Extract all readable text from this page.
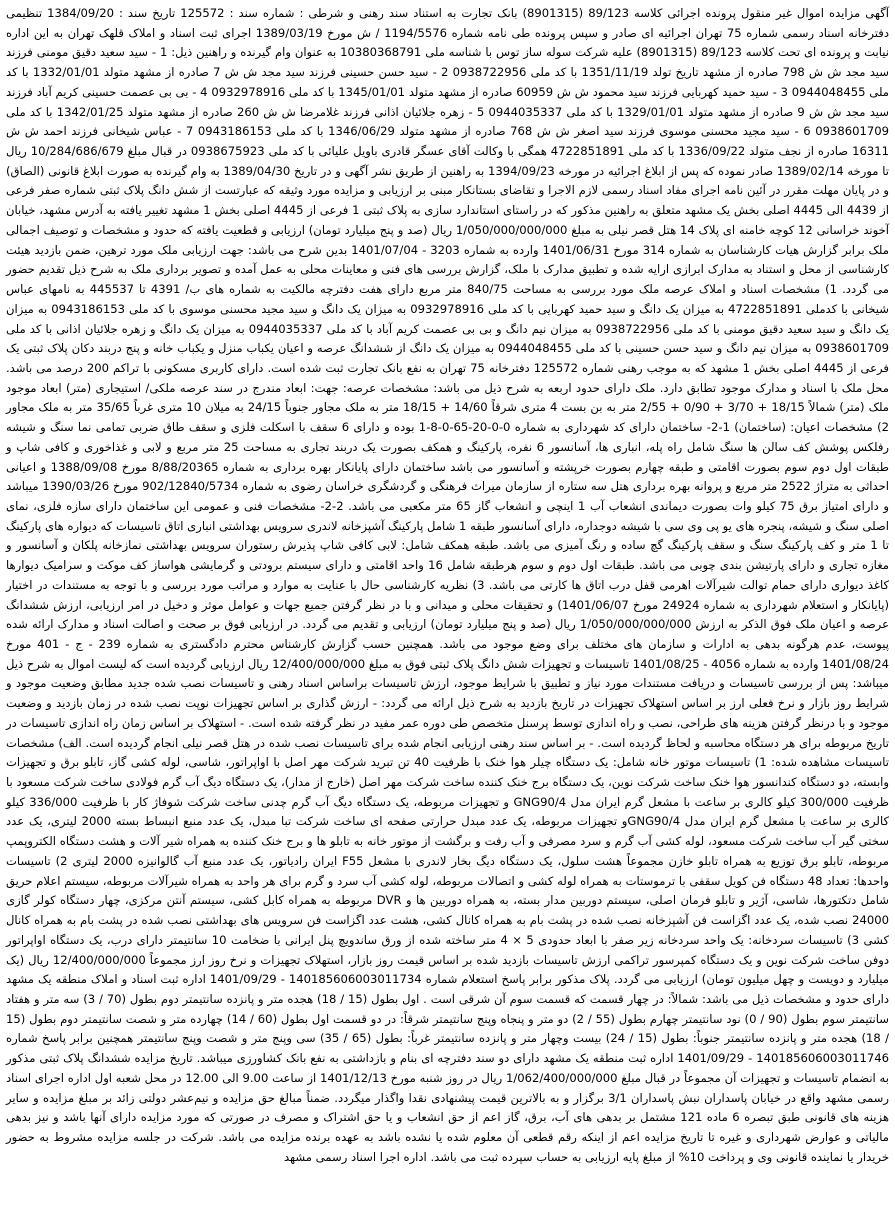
آگهی مزایده اموال غیر منقول پرونده اجرائی کلاسه 89/123 (8901315) بانک تجارت به استناد سند رهنی و شرطی : شماره سند : 125572 تاریخ سند : 1384/09/20 تنظیمی دفترخانه اسناد رسمی شماره 75 تهران اجرائیه ای صادر و سپس پرونده طی نامه شماره 1194/5576 / ش مورخ 1389/03/19 اجرای ثبت اسناد و املاک قلهک تهران به این اداره نیابت و پرونده ای تحت کلاسه 89/123 (8901315) علیه شرکت سوله ساز توس با شناسه ملی 10380368791 به عنوان وام گیرنده و راهنین ذیل: 1 - سید سعید دقیق مومنی فرزند سید مجد ش ش 798 صادره از مشهد تاریخ تولد 1351/11/19 با کد ملی 0938722956 2 - سید حسن حسینی فرزند سید مجد ش ش 7 صادره از مشهد متولد 1332/01/01 با کد ملی 0944048455 3 - سید حمید کهربایی فرزند سید محمود ش ش 60959 صادره از مشهد متولد 1345/01/01 با کد ملی 0932978916 4 - بی بی عصمت حسینی کریم آباد فرزند سید مجد ش ش 9 صادره از مشهد متولد 1329/01/01 با کد ملی 0944035337 5 - زهره جلائیان اذانی فرزند غلامرضا ش ش 260 صادره از مشهد متولد 1342/01/25 با کد ملی 0938601709 6 - سید مجید محسنی موسوی فرزند سید اصغر ش ش 768 صادره از مشهد متولد 1346/06/29 با کد ملی 0943186153 7 - عباس شیخانی فرزند احمد ش ش 16311 صادره از نجف متولد 1336/09/22 با کد ملی 4722851891 همگی با وکالت آقای عسگر قادری باویل علیائی با کد ملی 0938675923 در قبال مبلغ 10/284/686/679 ریال تا مورخه 1389/02/14 صادر نموده که پس از ابلاغ اجرائیه در مورخه 1394/09/23 به راهنین از طریق نشر آگهی و در تاریخ 1389/04/30 به وام گیرنده به صورت ابلاغ قانونی (الصاق) و در پایان مهلت مقرر در آئین نامه اجرای مفاد اسناد رسمی لازم الاجرا و تقاضای بستانکار مبنی بر ارزیابی و مزایده مورد وثیقه که عبارتست از شش دانگ پلاک ثبتی شماره صفر فرعی از 4439 الی 4445 اصلی بخش یک مشهد متعلق به راهنین مذکور که در راستای استاندارد سازی به پلاک ثبتی 1 فرعی از 4445 اصلی بخش 1 مشهد تغییر یافته به آدرس مشهد، خیابان آخوند خراسانی 12 کوچه خامنه ای پلاک 14 هتل قصر نیلی به مبلغ 1/050/000/000/000 ریال (صد و پنج میلیارد تومان) ارزیابی و قطعیت یافته که حدود و مشخصات و توصیف اجمالی ملک برابر گزارش هیات کارشناسان به شماره 314 مورخ 1401/06/31 وارده به شماره 3203 - 1401/07/04 بدین شرح می باشد: جهت ارزیابی ملک مورد ترهین، ضمن بازدید هیئت کارشناسی از محل و استناد به مدارک ابرازی ارایه شده و تطبیق مدارک با ملک، گزارش بررسی های فنی و معاینات محلی به عمل آمده و تصویر برداری ملک به شرح ذیل تقدیم حضور می گردد. 1) مشخصات اسناد و املاک عرصه ملک مورد بررسی به مساحت 840/75 متر مربع دارای هفت دفترچه مالکیت به شماره های ب/ 4391 تا 445537 به نامهای عباس شیخانی با کدملی 4722851891 به میزان یک دانگ و سید حمید کهربایی با کد ملی 0932978916 به میزان یک دانگ و سید مجید محسنی موسوی با کد ملی 0943186153 به میزان یک دانگ و سید سعید دقیق مومنی با کد ملی 0938722956 به میزان نیم دانگ و بی بی عصمت کریم آباد با کد ملی 0944035337 به میزان یک دانگ و زهره جلائیان اذانی با کد ملی 0938601709 به میزان نیم دانگ و سید حسن حسینی با کد ملی 0944048455 به میزان یک دانگ از ششدانگ عرصه و اعیان یکباب منزل و یکباب خانه و پنج دربند دکان پلاک ثبتی یک فرعی از 4445 اصلی بخش 1 مشهد که به موجب رهنی شماره 125572 دفترخانه 75 تهران به نفع بانک تجارت ثبت شده است. دارای کاربری مسکونی با تراکم 200 درصد می باشد. محل ملک با اسناد و مدارک موجود تطابق دارد. ملک دارای حدود اربعه به شرح ذیل می باشد: مشخصات عرصه: جهت: ابعاد مندرج در سند عرصه ملکی/ استیجاری (متر) ابعاد موجود ملک (متر) شمالاً 18/15 + 3/70 + 0/90 + 2/55 متر به بن بست 4 متری شرقاً 14/60 + 18/15 متر به ملک مجاور جنوباً 24/15 به میلان 10 متری غرباً 35/65 متر به ملک مجاور 2) مشخصات اعیان: (ساختمان) 1-2- ساختمان دارای کد شهرداری به شماره 0-0-20-65-0-8-1 بوده و دارای 6 سقف با اسکلت فلزی و سقف طاق ضربی تمامی نما سنگ و شیشه رفلکس پوشش کف سالن ها سنگ شامل راه پله، انباری ها، آسانسور 6 نفره، پارکینگ و همکف بصورت یک دربند تجاری به مساحت 25 متر مربع و لابی و غذاخوری و کافی شاپ و طبقات اول دوم سوم بصورت اقامتی و طبقه چهارم بصورت خرپشته و آسانسور می باشد ساختمان دارای پایانکار بهره برداری به شماره 8/88/20365 مورخ 1388/09/08 و اعیانی احداثی به متراژ 2522 متر مربع و پروانه بهره برداری هتل سه ستاره از سازمان میراث فرهنگی و گردشگری خراسان رضوی به شماره 902/12840/5734 مورخ 1390/03/26 میباشد و دارای امتیاز برق 75 کیلو وات بصورت دیماندی انشعاب آب 1 اینچی و انشعاب گاز 65 متر مکعبی می باشد. 2-2- مشخصات فنی و عمومی این ساختمان دارای سازه فلزی، نمای اصلی سنگ و شیشه، پنجره های یو پی وی سی با شیشه دوجداره، دارای آسانسور طبقه 1 شامل پارکینگ آشپزخانه لاندری سرویس بهداشتی انباری اتاق تاسیسات که دیواره های پارکینگ تا 1 متر و کف پارکینگ سنگ و سقف پارکینگ گچ ساده و رنگ آمیزی می باشد. طبقه همکف شامل: لابی کافی شاپ پذیرش رستوران سرویس بهداشتی نمازخانه پلکان و آسانسور و مغازه تجاری و دارای پارتیشن بندی چوبی می باشد. طبقات اول دوم و سوم هرطبقه شامل 16 واحد اقامتی و دارای سیستم برودتی و گرمایشی هواساز کف موکت و سرامیک دیوارها کاغذ دیواری دارای حمام توالت شیرآلات اهرمی قفل درب اتاق ها کارتی می باشد. 3) نظریه کارشناسی حال با عنایت به موارد و مراتب مورد بررسی و با توجه به مستندات در اختیار (پایانکار و استعلام شهرداری به شماره 24924 مورخ 1401/06/07) و تحقیقات محلی و میدانی و با در نظر گرفتن جمیع جهات و عوامل موثر و دخیل در امر ارزیابی، ارزش ششدانگ عرصه و اعیان ملک فوق الذکر به ارزش 1/050/000/000/000 ریال (صد و پنج میلیارد تومان) ارزیابی و تقدیم می گردد. در ارزیابی فوق بر صحت و اصالت اسناد و مدارک ارائه شده پیوست، عدم هرگونه بدهی به ادارات و سازمان های مختلف برای وضع موجود می باشد. همچنین حسب گزارش کارشناس محترم دادگستری به شماره 239 - ج - 401 مورخ 1401/08/24 وارده به شماره 4056 - 1401/08/25 تاسیسات و تجهیزات شش دانگ پلاک ثبتی فوق به مبلغ 12/400/000/000 ریال ارزیابی گردیده است که لیست اموال به شرح ذیل میباشد: پس از بررسی تاسیسات و دریافت مستندات مورد نیاز و تطبیق با شرایط موجود، ارزش تاسیسات براساس اسناد رهنی و تاسیسات نصب شده جدید مطابق وضعیت موجود و شرایط روز بازار و نرخ فعلی ارز بر اساس استهلاک تجهیزات در تاریخ بازدید به شرح ذیل ارائه می گردد: - ارزش گذاری بر اساس تجهیزات نوپت نصب شده در زمان بازدید و وضعیت موجود و با درنظر گرفتن هزینه های طراحی، نصب و راه اندازی توسط پرسنل متخصص طی دوره عمر مفید در نظر گرفته شده است. - استهلاک بر اساس زمان راه اندازی تاسیسات در تاریخ مربوطه برای هر دستگاه محاسبه و لحاظ گردیده است. - بر اساس سند رهنی ارزیابی انجام شده برای تاسیسات نصب شده در هتل قصر نیلی انجام گردیده است. الف) مشخصات تاسیسات مشاهده شده: 1) تاسیسات موتور خانه شامل: یک دستگاه چیلر هوا خنک با ظرفیت 40 تن تبرید شرکت مهر اصل با اواپراتور، شاسی، لوله کشی گاز، تابلو برق و تجهیزات وابسته، دو دستگاه کندانسور هوا خنک ساخت شرکت نوین، یک دستگاه برج خنک کننده ساخت شرکت مهر اصل (خارج از مدار)، یک دستگاه دیگ آب گرم فولادی ساخت شرکت مسعود با ظرفیت 300/000 کیلو کالری بر ساعت با مشعل گرم ایران مدل GNG90/4 و تجهیزات مربوطه، یک دستگاه دیگ آب گرم چدنی ساخت شرکت شوفاژ کار با ظرفیت 336/000 کیلو کالری بر ساعت با مشعل گرم ایران مدل GNG90/4و تجهیزات مربوطه، یک عدد مبدل حرارتی صفحه ای ساخت شرکت تبا مبدل، یک عدد منبع انبساط بسته 2000 لیتری، یک عدد سختی گیر آب ساخت شرکت مسعود، لوله کشی آب گرم و سرد مصرفی و آب رفت و برگشت از موتور خانه به تابلو ها و برج خنک کننده به همراه شیر آلات و هشت دستگاه الکتروپمپ مربوطه، تابلو برق توزیع به همراه تابلو خازن مجموعاً هشت سلول، یک دستگاه دیگ بخار لاندری با مشعل F55 ایران رادیاتور، یک عدد منبع آب گالوانیزه 2000 لیتری 2) تاسیسات واحدها: تعداد 48 دستگاه فن کویل سقفی با ترموستات به همراه لوله کشی و اتصالات مربوطه، لوله کشی آب سرد و گرم برای هر واحد به همراه شیرآلات مربوطه، سیستم اعلام حریق شامل دتکتورها، شاسی، آژیر و تابلو فرمان اصلی، سیستم دوربین مدار بسته، به همراه دوربین ها و DVR مربوطه به همراه کابل کشی، سیستم آنتن مرکزی، چهار دستگاه کولر گازی 24000 نصب شده، یک عدد اگزاست فن آشپزخانه نصب شده در پشت بام به همراه کانال کشی، هشت عدد اگزاست فن سرویس های بهداشتی نصب شده در پشت بام به همراه کانال کشی 3) تاسیسات سردخانه: یک واحد سردخانه زیر صفر با ابعاد حدودی 5 × 4 متر ساخته شده از ورق ساندویچ پنل ایرانی با ضخامت 10 سانتیمتر دارای درب، یک دستگاه اواپراتور دوفن ساخت شرکت نوین و یک دستگاه کمپرسور تراکمی ارزش تاسیسات بازدید شده بر اساس قیمت روز بازار، استهلاک تجهیزات و نرخ روز ارز مجموعاً 12/400/000/000 ریال (یک میلیارد و دویست و چهل میلیون تومان) ارزیابی می گردد. پلاک مذکور برابر پاسخ استعلام شماره 140185606003011734 - 1401/09/29 اداره ثبت اسناد و املاک منطقه یک مشهد دارای حدود و مشخصات ذیل می باشد: شمالاً: در چهار قسمت که قسمت سوم آن شرقی است . اول بطول (15 / 18) هجده متر و پانزده سانتیمتر دوم بطول (70 / 3) سه متر و هفتاد سانتیمتر سوم بطول (90 / 0) نود سانتیمتر چهارم بطول (55 / 2) دو متر و پنجاه وپنج سانتیمتر شرقاً: در دو قسمت اول بطول (60 / 14) چهارده متر و شصت سانتیمتر دوم بطول (15 / 18) هجده متر و پانزده سانتیمتر جنوباً: بطول (15 / 24) بیست وچهار متر و پانزده سانتیمتر غرباً: بطول (65 / 35) سی وپنج متر و شصت وپنج سانتیمتر همچنین برابر پاسخ شماره 140185606003011746 - 1401/09/29 اداره ثبت منطقه یک مشهد دارای دو سند دفترچه ای بنام و بازداشتی به نفع بانک کشاورزی میباشد. تاریخ مزایده ششدانگ پلاک ثبتی مذکور به انضمام تاسیسات و تجهیزات آن مجموعاً در قبال مبلغ 1/062/400/000/000 ریال در روز شنبه مورخ 1401/12/13 از ساعت 9.00 الی 12.00 در محل شعبه اول اداره اجرای اسناد رسمی مشهد واقع در خیابان پاسداران نبش پاسداران 3/1 برگزار و به بالاترین قیمت پیشنهادی نقدا واگذار میگردد. ضمناً مبالغ حق مزایده و نیم‌عشر دولتی زائد بر مبلغ مزایده و سایر هزینه های قانونی طبق تبصره 6 ماده 121 مشتمل بر بدهی های آب، برق، گاز اعم از حق انشعاب و یا حق اشتراک و مصرف در صورتی که مورد مزایده دارای آنها باشد و نیز بدهی مالیاتی و عوارض شهرداری و غیره تا تاریخ مزایده اعم از اینکه رقم قطعی آن معلوم شده یا نشده باشد به عهده برنده مزایده می باشد. شرکت در جلسه مزایده مشروط به حضور خریدار یا نماینده قانونی وی و پرداخت 10% از مبلغ پایه ارزیابی به حساب سپرده ثبت می باشد. اداره اجرا اسناد رسمی مشهد
